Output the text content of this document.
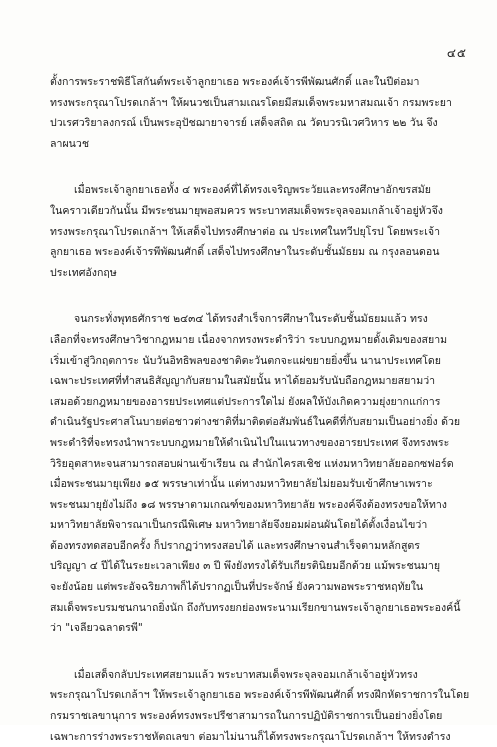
๔๕

ตั้งการพระราชพิธีโสกันต์พระเจ้าลูกยาเธอ พระองค์เจ้ารพีพัฒนศักดิ์ และในปีต่อมา
ทรงพระกรุณาโปรดเกล้าฯ ให้ผนวชเป็นสามเณรโดยมีสมเด็จพระมหาสมณเจ้า กรมพระยา
ปวเรศวริยาลงกรณ์ เป็นพระอุปัชฌายาจารย์ เสด็จสถิต ณ วัดบวรนิเวศวิหาร ๒๒ วัน จึง
ลาผนวช

เมื่อพระเจ้าลูกยาเธอทั้ง ๔ พระองค์ที่ได้ทรงเจริญพระวัยและทรงศึกษาอักขรสมัย
ในคราวเดียวกันนั้น มีพระชนมายุพอสมควร พระบาทสมเด็จพระจุลจอมเกล้าเจ้าอยู่หัวจึง
ทรงพระกรุณาโปรดเกล้าฯ ให้เสด็จไปทรงศึกษาต่อ ณ ประเทศในทวีปยุโรป โดยพระเจ้า
ลูกยาเธอ พระองค์เจ้ารพีพัฒนศักดิ์ เสด็จไปทรงศึกษาในระดับชั้นมัธยม ณ กรุงลอนดอน
ประเทศอังกฤษ

จนกระทั่งพุทธศักราช ๒๔๓๔ ได้ทรงสำเร็จการศึกษาในระดับชั้นมัธยมแล้ว ทรง
เลือกที่จะทรงศึกษาวิชากฎหมาย เนื่องจากทรงพระดำริว่า ระบบกฎหมายดั้งเดิมของสยาม
เริ่มเข้าสู่วิกฤตการะ นับวันอิทธิพลของชาติตะวันตกจะแผ่ขยายยิ่งขึ้น นานาประเทศโดย
เฉพาะประเทศที่ทำสนธิสัญญากับสยามในสมัยนั้น หาได้ยอมรับนับถือกฎหมายสยามว่า
เสมอด้วยกฎหมายของอารยประเทศแต่ประการใดไม่ ยังผลให้บังเกิดความยุ่งยากแก่การ
ดำเนินรัฐประศาสโนบายต่อชาวต่างชาติที่มาติดต่อสัมพันธ์ในคดีที่กับสยามเป็นอย่างยิ่ง ด้วย
พระดำริที่จะทรงนำพาระบบกฎหมายให้ดำเนินไปในแนวทางของอารยประเทศ จึงทรงพระ
วิริยอุตสาหะจนสามารถสอบผ่านเข้าเรียน ณ สำนักไครสเชิช แห่งมหาวิทยาลัยออกซฟอร์ด
เมื่อพระชนมายุเพียง ๑๕ พรรษาเท่านั้น แต่ทางมหาวิทยาลัยไม่ยอมรับเข้าศึกษาเพราะ
พระชนมายุยังไม่ถึง ๑๘ พรรษาตามเกณฑ์ของมหาวิทยาลัย พระองค์จึงต้องทรงขอให้ทาง
มหาวิทยาลัยพิจารณาเป็นกรณีพิเศษ มหาวิทยาลัยจึงยอมผ่อนผันโดยได้ตั้งเงื่อนไขว่า
ต้องทรงทดสอบอีกครั้ง ก็ปรากฏว่าทรงสอบได้ และทรงศึกษาจนสำเร็จตามหลักสูตร
ปริญญา ๔ ปีได้ในระยะเวลาเพียง ๓ ปี พึงยังทรงได้รับเกียรตินิยมอีกด้วย แม้พระชนมายุ
จะยังน้อย แต่พระอัจฉริยภาพก็ได้ปรากฏเป็นที่ประจักษ์ ยังความพอพระราชหฤทัยใน
สมเด็จพระบรมชนกนาถยิ่งนัก ถึงกับทรงยกย่องพระนามเรียกขานพระเจ้าลูกยาเธอพระองค์นี้
ว่า "เจลียวฉลาดรพี"

เมื่อเสด็จกลับประเทศสยามแล้ว พระบาทสมเด็จพระจุลจอมเกล้าเจ้าอยู่หัวทรง
พระกรุณาโปรดเกล้าฯ ให้พระเจ้าลูกยาเธอ พระองค์เจ้ารพีพัฒนศักดิ์ ทรงฝึกหัดราชการในโดย
กรมราชเลขานุการ พระองค์ทรงพระปรีชาสามารถในการปฏิบัติราชการเป็นอย่างยิ่งโดย
เฉพาะการร่างพระราชหัตถเลขา ต่อมาไม่นานก็ได้ทรงพระกรุณาโปรดเกล้าฯ ให้ทรงดำรง
